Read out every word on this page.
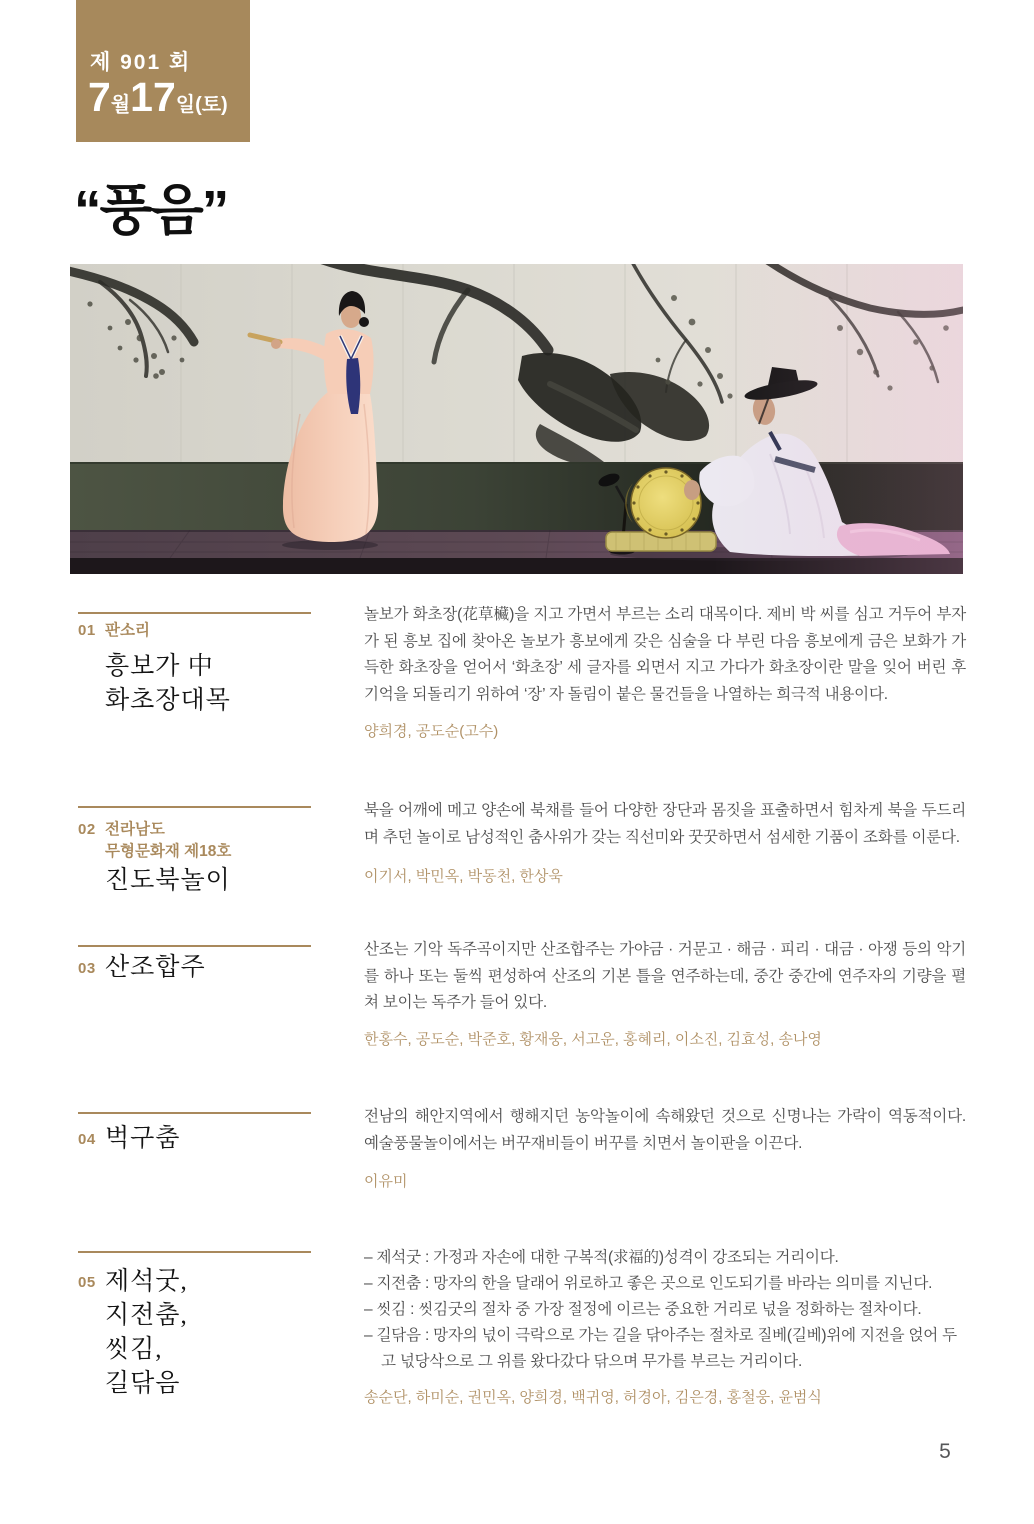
제 901 회
7월17일(토)
“풍음”
01 판소리
흥보가 中
화초장대목

놀보가 화초장(花草欌)을 지고 가면서 부르는 소리 대목이다. 제비 박 씨를 심고 거두어 부자가 된 흥보 집에 찾아온 놀보가 흥보에게 갖은 심술을 다 부린 다음 흥보에게 금은 보화가 가득한 화초장을 얻어서 ‘화초장’ 세 글자를 외면서 지고 가다가 화초장이란 말을 잊어 버린 후 기억을 되돌리기 위하여 ‘장’ 자 돌림이 붙은 물건들을 나열하는 희극적 내용이다.

양희경, 공도순(고수)

02 전라남도
무형문화재 제18호
진도북놀이

북을 어깨에 메고 양손에 북채를 들어 다양한 장단과 몸짓을 표출하면서 힘차게 북을 두드리며 추던 놀이로 남성적인 춤사위가 갖는 직선미와 꿋꿋하면서 섬세한 기품이 조화를 이룬다.

이기서, 박민옥, 박동천, 한상욱

03 산조합주

산조는 기악 독주곡이지만 산조합주는 가야금 · 거문고 · 해금 · 피리 · 대금 · 아쟁 등의 악기를 하나 또는 둘씩 편성하여 산조의 기본 틀을 연주하는데, 중간 중간에 연주자의 기량을 펼쳐 보이는 독주가 들어 있다.

한홍수, 공도순, 박준호, 황재웅, 서고운, 홍혜리, 이소진, 김효성, 송나영

04 벅구춤

전남의 해안지역에서 행해지던 농악놀이에 속해왔던 것으로 신명나는 가락이 역동적이다. 예술풍물놀이에서는 버꾸재비들이 버꾸를 치면서 놀이판을 이끈다.

이유미

05 제석굿,
지전춤,
씻김,
길닦음

– 제석굿 : 가정과 자손에 대한 구복적(求福的)성격이 강조되는 거리이다.

– 지전춤 : 망자의 한을 달래어 위로하고 좋은 곳으로 인도되기를 바라는 의미를 지닌다.

– 씻김 : 씻김굿의 절차 중 가장 절정에 이르는 중요한 거리로 넋을 정화하는 절차이다.

– 길닦음 : 망자의 넋이 극락으로 가는 길을 닦아주는 절차로 질베(길베)위에 지전을 얹어 두고 넋당삭으로 그 위를 왔다갔다 닦으며 무가를 부르는 거리이다.

송순단, 하미순, 권민옥, 양희경, 백귀영, 허경아, 김은경, 홍철웅, 윤범식

5
